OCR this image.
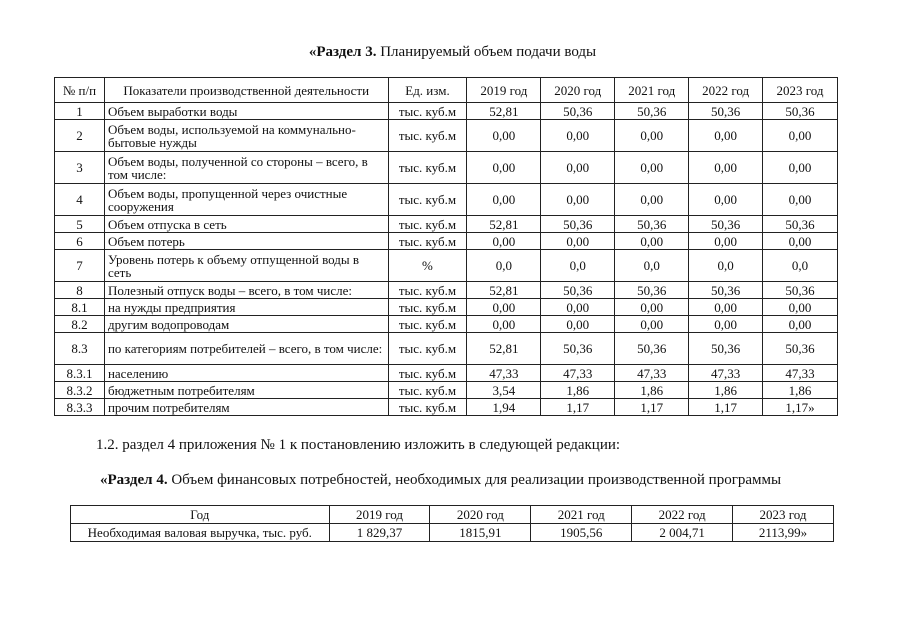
«Раздел 3. Планируемый объем подачи воды
№ п/п	Показатели производственной деятельности	Ед. изм.	2019 год	2020 год	2021 год	2022 год	2023 год
1	Объем выработки воды	тыс. куб.м	52,81	50,36	50,36	50,36	50,36
2	Объем воды, используемой на коммунально-бытовые нужды	тыс. куб.м	0,00	0,00	0,00	0,00	0,00
3	Объем воды, полученной со стороны – всего, в том числе:	тыс. куб.м	0,00	0,00	0,00	0,00	0,00
4	Объем воды, пропущенной через очистные сооружения	тыс. куб.м	0,00	0,00	0,00	0,00	0,00
5	Объем отпуска в сеть	тыс. куб.м	52,81	50,36	50,36	50,36	50,36
6	Объем потерь	тыс. куб.м	0,00	0,00	0,00	0,00	0,00
7	Уровень потерь к объему отпущенной воды в сеть	%	0,0	0,0	0,0	0,0	0,0
8	Полезный отпуск воды – всего, в том числе:	тыс. куб.м	52,81	50,36	50,36	50,36	50,36
8.1	на нужды предприятия	тыс. куб.м	0,00	0,00	0,00	0,00	0,00
8.2	другим водопроводам	тыс. куб.м	0,00	0,00	0,00	0,00	0,00
8.3	по категориям потребителей – всего, в том числе:	тыс. куб.м	52,81	50,36	50,36	50,36	50,36
8.3.1	населению	тыс. куб.м	47,33	47,33	47,33	47,33	47,33
8.3.2	бюджетным потребителям	тыс. куб.м	3,54	1,86	1,86	1,86	1,86
8.3.3	прочим потребителям	тыс. куб.м	1,94	1,17	1,17	1,17	1,17»
1.2. раздел 4 приложения № 1 к постановлению изложить в следующей редакции:
«Раздел 4. Объем финансовых потребностей, необходимых для реализации производственной программы
Год	2019 год	2020 год	2021 год	2022 год	2023 год
Необходимая валовая выручка, тыс. руб.	1 829,37	1815,91	1905,56	2 004,71	2113,99»
